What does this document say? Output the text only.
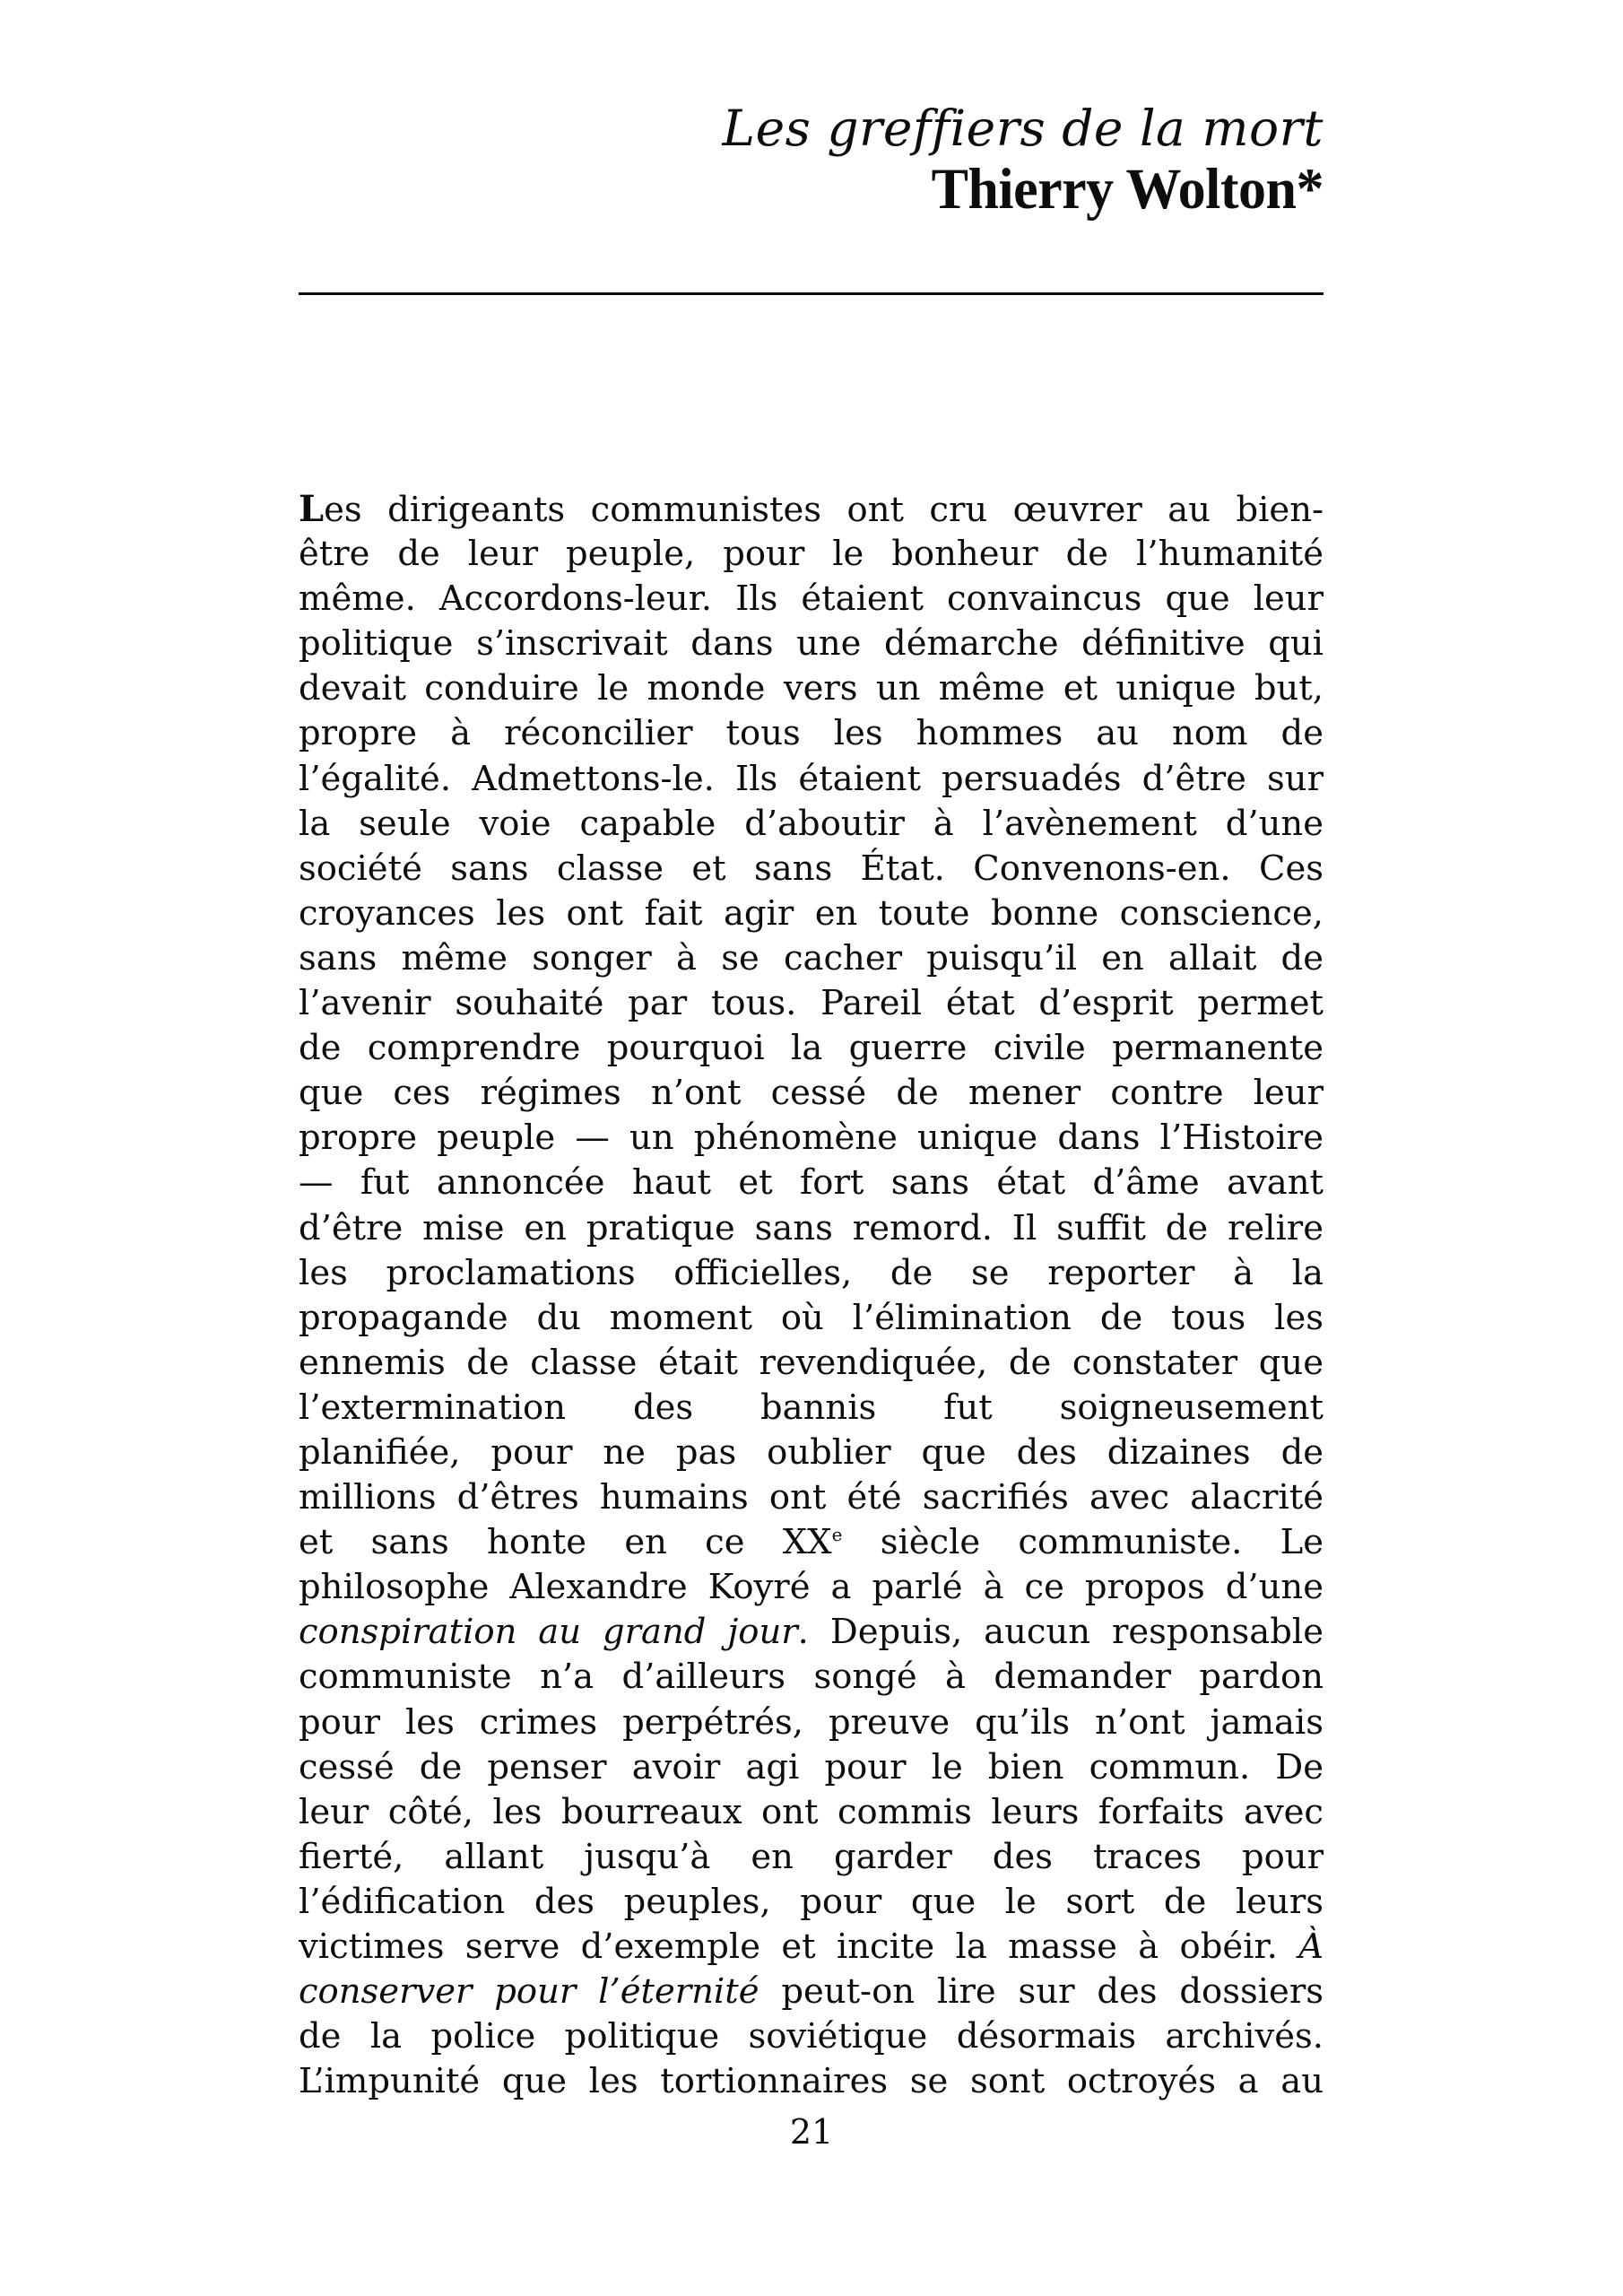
Les greffiers de la mort
Thierry Wolton*
Les dirigeants communistes ont cru œuvrer au bien-
être de leur peuple, pour le bonheur de l’humanité
même. Accordons-leur. Ils étaient convaincus que leur
politique s’inscrivait dans une démarche définitive qui
devait conduire le monde vers un même et unique but,
propre à réconcilier tous les hommes au nom de
l’égalité. Admettons-le. Ils étaient persuadés d’être sur
la seule voie capable d’aboutir à l’avènement d’une
société sans classe et sans État. Convenons-en. Ces
croyances les ont fait agir en toute bonne conscience,
sans même songer à se cacher puisqu’il en allait de
l’avenir souhaité par tous. Pareil état d’esprit permet
de comprendre pourquoi la guerre civile permanente
que ces régimes n’ont cessé de mener contre leur
propre peuple — un phénomène unique dans l’Histoire
— fut annoncée haut et fort sans état d’âme avant
d’être mise en pratique sans remord. Il suffit de relire
les proclamations officielles, de se reporter à la
propagande du moment où l’élimination de tous les
ennemis de classe était revendiquée, de constater que
l’extermination des bannis fut soigneusement
planifiée, pour ne pas oublier que des dizaines de
millions d’êtres humains ont été sacrifiés avec alacrité
et sans honte en ce XXe siècle communiste. Le
philosophe Alexandre Koyré a parlé à ce propos d’une
conspiration au grand jour. Depuis, aucun responsable
communiste n’a d’ailleurs songé à demander pardon
pour les crimes perpétrés, preuve qu’ils n’ont jamais
cessé de penser avoir agi pour le bien commun. De
leur côté, les bourreaux ont commis leurs forfaits avec
fierté, allant jusqu’à en garder des traces pour
l’édification des peuples, pour que le sort de leurs
victimes serve d’exemple et incite la masse à obéir. À
conserver pour l’éternité peut-on lire sur des dossiers
de la police politique soviétique désormais archivés.
L’impunité que les tortionnaires se sont octroyés a au
21
